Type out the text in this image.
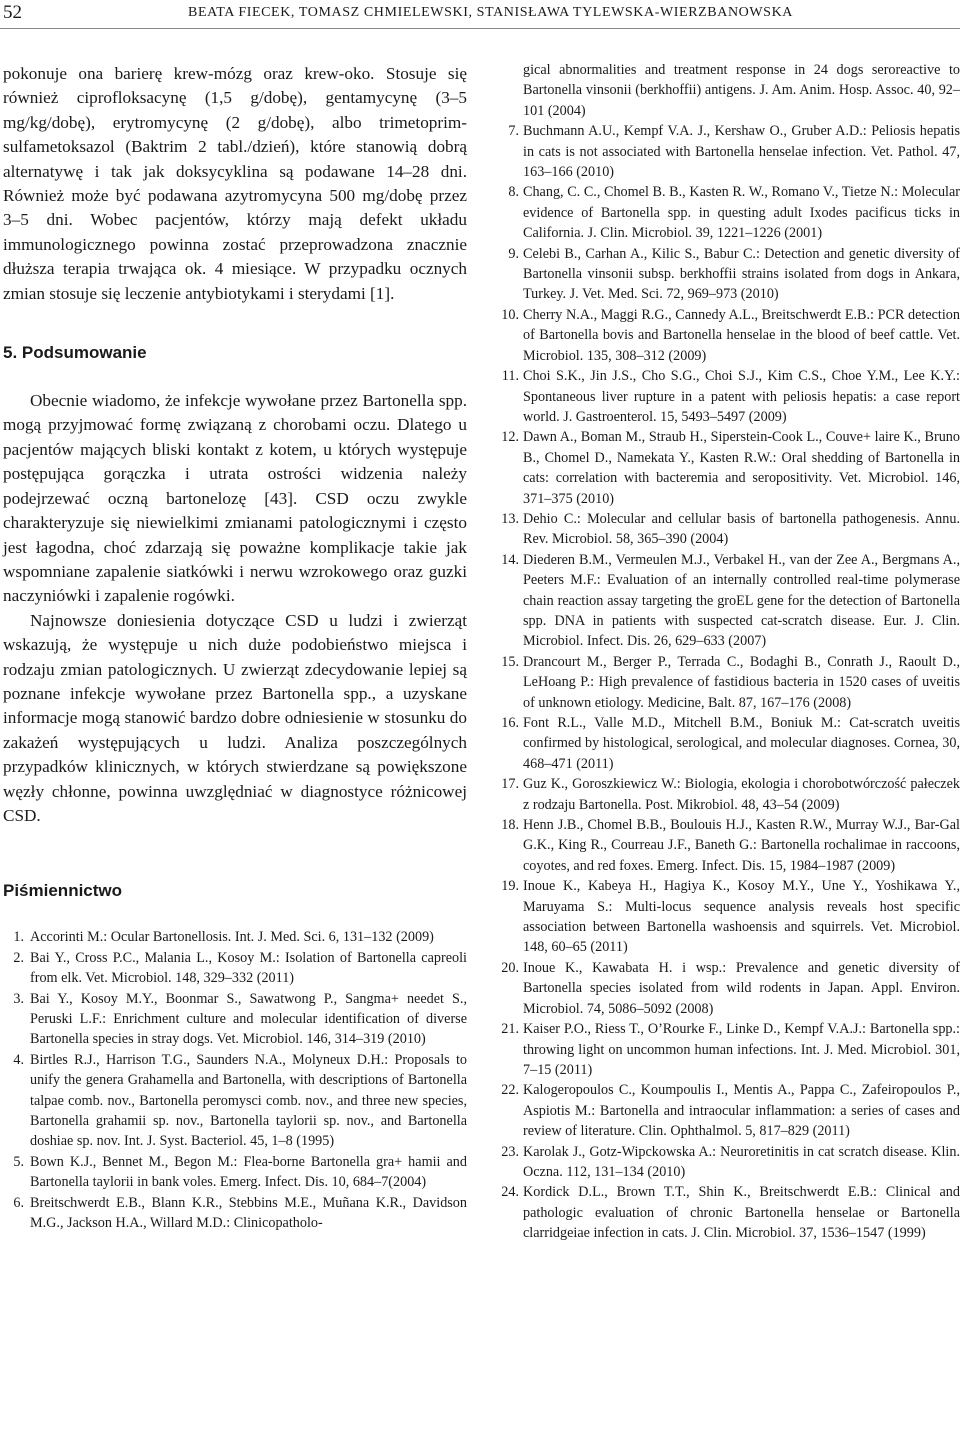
52	BEATA FIECEK, TOMASZ CHMIELEWSKI, STANISŁAWA TYLEWSKA-WIERZBANOWSKA

pokonuje ona barierę krew-mózg oraz krew-oko. Stosuje się również ciprofloksacynę (1,5 g/dobę), gentamycynę (3–5 mg/kg/dobę), erytromycynę (2 g/dobę), albo trimetoprim-sulfametoksazol (Baktrim 2 tabl./dzień), które stanowią dobrą alternatywę i tak jak doksycyklina są podawane 14–28 dni. Również może być podawana azytromycyna 500 mg/dobę przez 3–5 dni. Wobec pacjentów, którzy mają defekt układu immunologicznego powinna zostać przeprowadzona znacznie dłuższa terapia trwająca ok. 4 miesiące. W przypadku ocznych zmian stosuje się leczenie antybiotykami i sterydami [1].

5. Podsumowanie

Obecnie wiadomo, że infekcje wywołane przez Bartonella spp. mogą przyjmować formę związaną z chorobami oczu. Dlatego u pacjentów mających bliski kontakt z kotem, u których występuje postępująca gorączka i utrata ostrości widzenia należy podejrzewać oczną bartonelozę [43]. CSD oczu zwykle charakteryzuje się niewielkimi zmianami patologicznymi i często jest łagodna, choć zdarzają się poważne komplikacje takie jak wspomniane zapalenie siatkówki i nerwu wzrokowego oraz guzki naczyniówki i zapalenie rogówki.

Najnowsze doniesienia dotyczące CSD u ludzi i zwierząt wskazują, że występuje u nich duże podobieństwo miejsca i rodzaju zmian patologicznych. U zwierząt zdecydowanie lepiej są poznane infekcje wywołane przez Bartonella spp., a uzyskane informacje mogą stanowić bardzo dobre odniesienie w stosunku do zakażeń występujących u ludzi. Analiza poszczególnych przypadków klinicznych, w których stwierdzane są powiększone węzły chłonne, powinna uwzględniać w diagnostyce różnicowej CSD.

Piśmiennictwo
1. Accorinti M.: Ocular Bartonellosis. Int. J. Med. Sci. 6, 131–132 (2009)
2. Bai Y., Cross P.C., Malania L., Kosoy M.: Isolation of Bartonella capreoli from elk. Vet. Microbiol. 148, 329–332 (2011)
3. Bai Y., Kosoy M.Y., Boonmar S., Sawatwong P., Sangma+ needet S., Peruski L.F.: Enrichment culture and molecular identification of diverse Bartonella species in stray dogs. Vet. Microbiol. 146, 314–319 (2010)
4. Birtles R.J., Harrison T.G., Saunders N.A., Molyneux D.H.: Proposals to unify the genera Grahamella and Bartonella, with descriptions of Bartonella talpae comb. nov., Bartonella peromysci comb. nov., and three new species, Bartonella grahamii sp. nov., Bartonella taylorii sp. nov., and Bartonella doshiae sp. nov. Int. J. Syst. Bacteriol. 45, 1–8 (1995)
5. Bown K.J., Bennet M., Begon M.: Flea-borne Bartonella gra+ hamii and Bartonella taylorii in bank voles. Emerg. Infect. Dis. 10, 684–7(2004)
6. Breitschwerdt E.B., Blann K.R., Stebbins M.E., Muñana K.R., Davidson M.G., Jackson H.A., Willard M.D.: Clinicopatholo-
gical abnormalities and treatment response in 24 dogs seroreactive to Bartonella vinsonii (berkhoffii) antigens. J. Am. Anim. Hosp. Assoc. 40, 92–101 (2004)
7. Buchmann A.U., Kempf V.A. J., Kershaw O., Gruber A.D.: Peliosis hepatis in cats is not associated with Bartonella henselae infection. Vet. Pathol. 47, 163–166 (2010)
8. Chang, C. C., Chomel B. B., Kasten R. W., Romano V., Tietze N.: Molecular evidence of Bartonella spp. in questing adult Ixodes pacificus ticks in California. J. Clin. Microbiol. 39, 1221–1226 (2001)
9. Celebi B., Carhan A., Kilic S., Babur C.: Detection and genetic diversity of Bartonella vinsonii subsp. berkhoffii strains isolated from dogs in Ankara, Turkey. J. Vet. Med. Sci. 72, 969–973 (2010)
10. Cherry N.A., Maggi R.G., Cannedy A.L., Breitschwerdt E.B.: PCR detection of Bartonella bovis and Bartonella henselae in the blood of beef cattle. Vet. Microbiol. 135, 308–312 (2009)
11. Choi S.K., Jin J.S., Cho S.G., Choi S.J., Kim C.S., Choe Y.M., Lee K.Y.: Spontaneous liver rupture in a patent with peliosis hepatis: a case report world. J. Gastroenterol. 15, 5493–5497 (2009)
12. Dawn A., Boman M., Straub H., Siperstein-Cook L., Couve+ laire K., Bruno B., Chomel D., Namekata Y., Kasten R.W.: Oral shedding of Bartonella in cats: correlation with bacteremia and seropositivity. Vet. Microbiol. 146, 371–375 (2010)
13. Dehio C.: Molecular and cellular basis of bartonella pathogenesis. Annu. Rev. Microbiol. 58, 365–390 (2004)
14. Diederen B.M., Vermeulen M.J., Verbakel H., van der Zee A., Bergmans A., Peeters M.F.: Evaluation of an internally controlled real-time polymerase chain reaction assay targeting the groEL gene for the detection of Bartonella spp. DNA in patients with suspected cat-scratch disease. Eur. J. Clin. Microbiol. Infect. Dis. 26, 629–633 (2007)
15. Drancourt M., Berger P., Terrada C., Bodaghi B., Conrath J., Raoult D., LeHoang P.: High prevalence of fastidious bacteria in 1520 cases of uveitis of unknown etiology. Medicine, Balt. 87, 167–176 (2008)
16. Font R.L., Valle M.D., Mitchell B.M., Boniuk M.: Cat-scratch uveitis confirmed by histological, serological, and molecular diagnoses. Cornea, 30, 468–471 (2011)
17. Guz K., Goroszkiewicz W.: Biologia, ekologia i chorobotwórczość pałeczek z rodzaju Bartonella. Post. Mikrobiol. 48, 43–54 (2009)
18. Henn J.B., Chomel B.B., Boulouis H.J., Kasten R.W., Murray W.J., Bar-Gal G.K., King R., Courreau J.F., Baneth G.: Bartonella rochalimae in raccoons, coyotes, and red foxes. Emerg. Infect. Dis. 15, 1984–1987 (2009)
19. Inoue K., Kabeya H., Hagiya K., Kosoy M.Y., Une Y., Yoshikawa Y., Maruyama S.: Multi-locus sequence analysis reveals host specific association between Bartonella washoensis and squirrels. Vet. Microbiol. 148, 60–65 (2011)
20. Inoue K., Kawabata H. i wsp.: Prevalence and genetic diversity of Bartonella species isolated from wild rodents in Japan. Appl. Environ. Microbiol. 74, 5086–5092 (2008)
21. Kaiser P.O., Riess T., O’Rourke F., Linke D., Kempf V.A.J.: Bartonella spp.: throwing light on uncommon human infections. Int. J. Med. Microbiol. 301, 7–15 (2011)
22. Kalogeropoulos C., Koumpoulis I., Mentis A., Pappa C., Zafeiropoulos P., Aspiotis M.: Bartonella and intraocular inflammation: a series of cases and review of literature. Clin. Ophthalmol. 5, 817–829 (2011)
23. Karolak J., Gotz-Wipckowska A.: Neuroretinitis in cat scratch disease. Klin. Oczna. 112, 131–134 (2010)
24. Kordick D.L., Brown T.T., Shin K., Breitschwerdt E.B.: Clinical and pathologic evaluation of chronic Bartonella henselae or Bartonella clarridgeiae infection in cats. J. Clin. Microbiol. 37, 1536–1547 (1999)
